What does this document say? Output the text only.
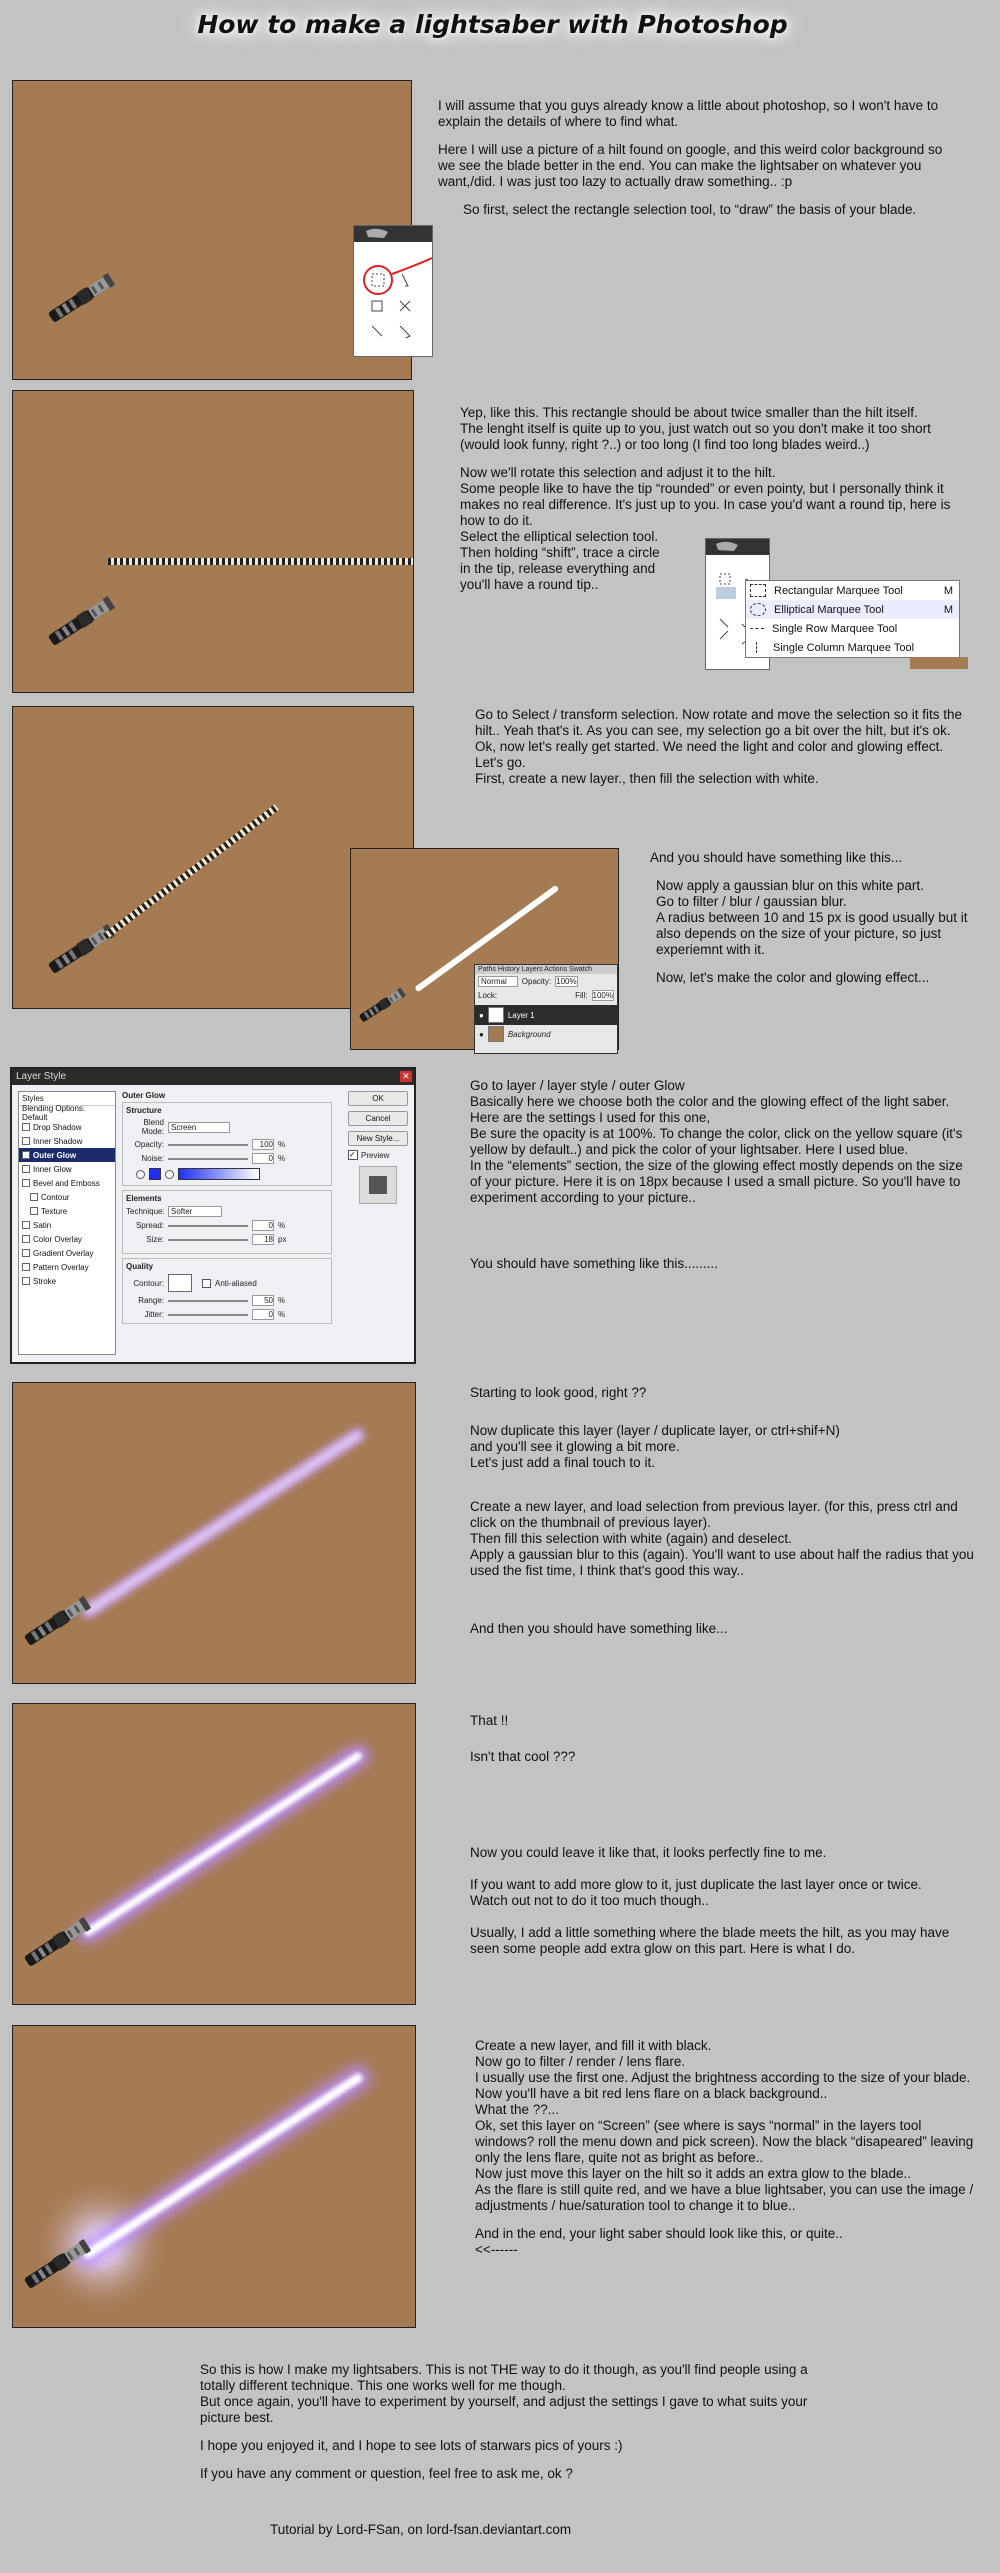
How to make a lightsaber with Photoshop

I will assume that you guys already know a little about photoshop, so I won't have to explain the details of where to find what.

Here I will use a picture of a hilt found on google, and this weird color background so we see the blade better in the end. You can make the lightsaber on whatever you want,/did. I was just too lazy to actually draw something.. :p

So first, select the rectangle selection tool, to “draw” the basis of your blade.

Yep, like this. This rectangle should be about twice smaller than the hilt itself.
The lenght itself is quite up to you, just watch out so you don't make it too short (would look funny, right ?..) or too long (I find too long blades weird..)

Now we'll rotate this selection and adjust it to the hilt.
Some people like to have the tip “rounded” or even pointy, but I personally think it makes no real difference. It's just up to you. In case you'd want a round tip, here is how to do it.
Select the elliptical selection tool.
Then holding “shift”, trace a circle
in the tip, release everything and
you'll have a round tip..	Rectangular Marquee Tool	M
Elliptical Marquee Tool	M
Single Row Marquee Tool
Single Column Marquee Tool

Go to Select / transform selection. Now rotate and move the selection so it fits the hilt.. Yeah that's it. As you can see, my selection go a bit over the hilt, but it's ok.
Ok, now let's really get started. We need the light and color and glowing effect. Let's go.
First, create a new layer., then fill the selection with white.

Paths History Layers Actions Swatch
Normal	Opacity: 100%
Lock:	Fill: 100%
●	Layer 1
●	Background

And you should have something like this...

Now apply a gaussian blur on this white part.
Go to filter / blur / gaussian blur.
A radius between 10 and 15 px is good usually but it also depends on the size of your picture, so just experiemnt with it.

Now, let's make the color and glowing effect...

Layer Style	✕
Styles
Blending Options: Default
Drop Shadow
Inner Shadow
Outer Glow
Inner Glow
Bevel and Emboss
Contour
Texture
Satin
Color Overlay
Gradient Overlay
Pattern Overlay
Stroke
Outer Glow
Structure
Blend Mode: Screen
Opacity:	100 %
Noise:	0 %
Elements
Technique: Softer
Spread:	0 %
Size:	18 px
Quality
Contour:	Anti-aliased
Range:	50 %
Jitter:	0 %
OK
Cancel
New Style...
✓ Preview

Go to layer / layer style / outer Glow
Basically here we choose both the color and the glowing effect of the light saber.
Here are the settings I used for this one,
Be sure the opacity is at 100%. To change the color, click on the yellow square (it's yellow by default..) and pick the color of your lightsaber. Here I used blue.
In the “elements” section, the size of the glowing effect mostly depends on the size of your picture. Here it is on 18px because I used a small picture. So you'll have to experiment according to your picture..

You should have something like this.........

Starting to look good, right ??

Now duplicate this layer (layer / duplicate layer, or ctrl+shif+N)
and you'll see it glowing a bit more.
Let's just add a final touch to it.

Create a new layer, and load selection from previous layer. (for this, press ctrl and click on the thumbnail of previous layer).
Then fill this selection with white (again) and deselect.
Apply a gaussian blur to this (again). You'll want to use about half the radius that you used the fist time, I think that's good this way..

And then you should have something like...

That !!

Isn't that cool ???

Now you could leave it like that, it looks perfectly fine to me.

If you want to add more glow to it, just duplicate the last layer once or twice.
Watch out not to do it too much though..

Usually, I add a little something where the blade meets the hilt, as you may have seen some people add extra glow on this part. Here is what I do.

Create a new layer, and fill it with black.
Now go to filter / render / lens flare.
I usually use the first one. Adjust the brightness according to the size of your blade. Now you'll have a bit red lens flare on a black background..
What the ??...
Ok, set this layer on “Screen” (see where is says “normal” in the layers tool windows? roll the menu down and pick screen). Now the black “disapeared” leaving only the lens flare, quite not as bright as before..
Now just move this layer on the hilt so it adds an extra glow to the blade..
As the flare is still quite red, and we have a blue lightsaber, you can use the image / adjustments / hue/saturation tool to change it to blue..

And in the end, your light saber should look like this, or quite..
<<------

So this is how I make my lightsabers. This is not THE way to do it though, as you'll find people using a totally different technique. This one works well for me though.
But once again, you'll have to experiment by yourself, and adjust the settings I gave to what suits your picture best.

I hope you enjoyed it, and I hope to see lots of starwars pics of yours :)

If you have any comment or question, feel free to ask me, ok ?

Tutorial by Lord-FSan, on lord-fsan.deviantart.com
